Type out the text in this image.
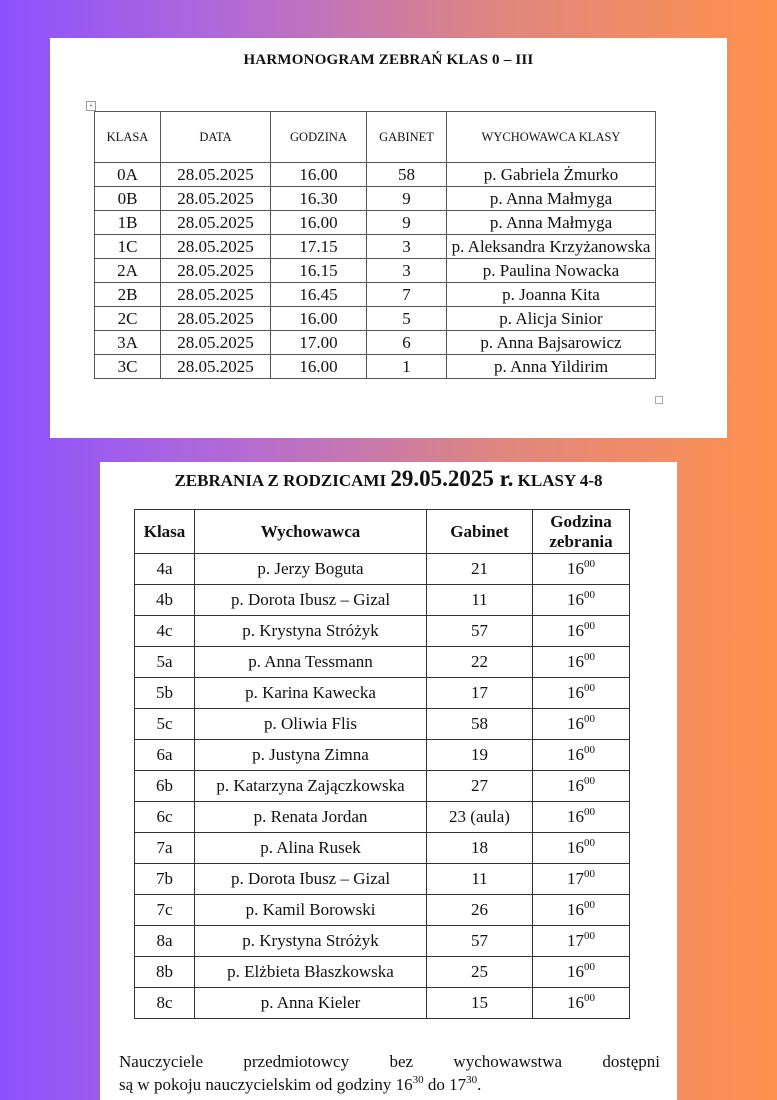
HARMONOGRAM ZEBRAŃ KLAS 0 – III
+
KLASA	DATA	GODZINA	GABINET	WYCHOWAWCA KLASY
0A	28.05.2025	16.00	58	p. Gabriela Żmurko
0B	28.05.2025	16.30	9	p. Anna Małmyga
1B	28.05.2025	16.00	9	p. Anna Małmyga
1C	28.05.2025	17.15	3	p. Aleksandra Krzyżanowska
2A	28.05.2025	16.15	3	p. Paulina Nowacka
2B	28.05.2025	16.45	7	p. Joanna Kita
2C	28.05.2025	16.00	5	p. Alicja Sinior
3A	28.05.2025	17.00	6	p. Anna Bajsarowicz
3C	28.05.2025	16.00	1	p. Anna Yildirim
ZEBRANIA Z RODZICAMI 29.05.2025 r. KLASY 4-8
Klasa	Wychowawca	Gabinet	Godzina zebrania
4a	p. Jerzy Boguta	21	$16^{00}$
4b	p. Dorota Ibusz – Gizal	11	$16^{00}$
4c	p. Krystyna Stróżyk	57	$16^{00}$
5a	p. Anna Tessmann	22	$16^{00}$
5b	p. Karina Kawecka	17	$16^{00}$
5c	p. Oliwia Flis	58	$16^{00}$
6a	p. Justyna Zimna	19	$16^{00}$
6b	p. Katarzyna Zajączkowska	27	$16^{00}$
6c	p. Renata Jordan	23 (aula)	$16^{00}$
7a	p. Alina Rusek	18	$16^{00}$
7b	p. Dorota Ibusz – Gizal	11	$17^{00}$
7c	p. Kamil Borowski	26	$16^{00}$
8a	p. Krystyna Stróżyk	57	$17^{00}$
8b	p. Elżbieta Błaszkowska	25	$16^{00}$
8c	p. Anna Kieler	15	$16^{00}$
Nauczyciele przedmiotowcy bez wychowawstwa dostępni
są w pokoju nauczycielskim od godziny $16^{30}$ do $17^{30}$.
